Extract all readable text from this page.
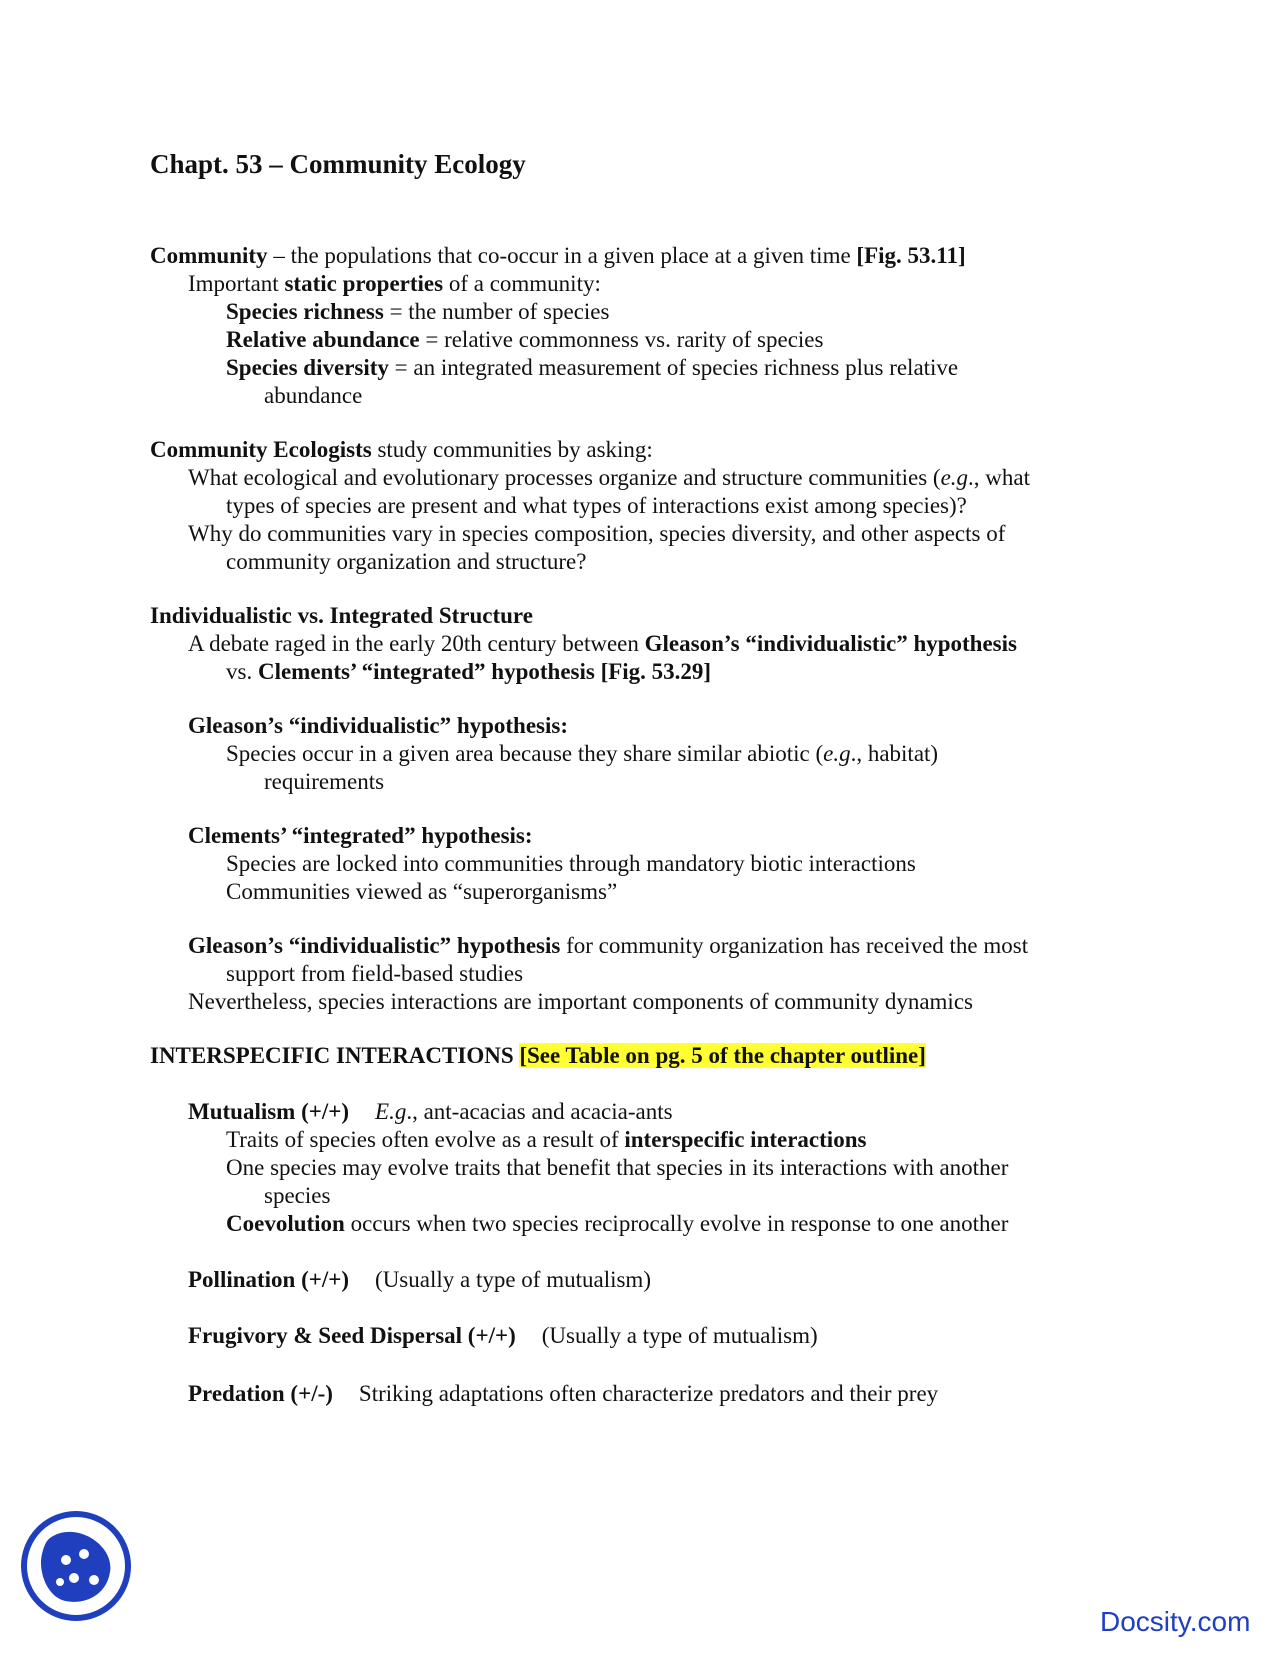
Chapt. 53 – Community Ecology
Community – the populations that co-occur in a given place at a given time [Fig. 53.11]
Important static properties of a community:
Species richness = the number of species
Relative abundance = relative commonness vs. rarity of species
Species diversity = an integrated measurement of species richness plus relative
abundance
Community Ecologists study communities by asking:
What ecological and evolutionary processes organize and structure communities (e.g., what
types of species are present and what types of interactions exist among species)?
Why do communities vary in species composition, species diversity, and other aspects of
community organization and structure?
Individualistic vs. Integrated Structure
A debate raged in the early 20th century between Gleason’s “individualistic” hypothesis
vs. Clements’ “integrated” hypothesis [Fig. 53.29]
Gleason’s “individualistic” hypothesis:
Species occur in a given area because they share similar abiotic (e.g., habitat)
requirements
Clements’ “integrated” hypothesis:
Species are locked into communities through mandatory biotic interactions
Communities viewed as “superorganisms”
Gleason’s “individualistic” hypothesis for community organization has received the most
support from field-based studies
Nevertheless, species interactions are important components of community dynamics
INTERSPECIFIC INTERACTIONS [See Table on pg. 5 of the chapter outline]
Mutualism (+/+) E.g., ant-acacias and acacia-ants
Traits of species often evolve as a result of interspecific interactions
One species may evolve traits that benefit that species in its interactions with another
species
Coevolution occurs when two species reciprocally evolve in response to one another
Pollination (+/+) (Usually a type of mutualism)
Frugivory & Seed Dispersal (+/+) (Usually a type of mutualism)
Predation (+/-) Striking adaptations often characterize predators and their prey
Docsity.com
